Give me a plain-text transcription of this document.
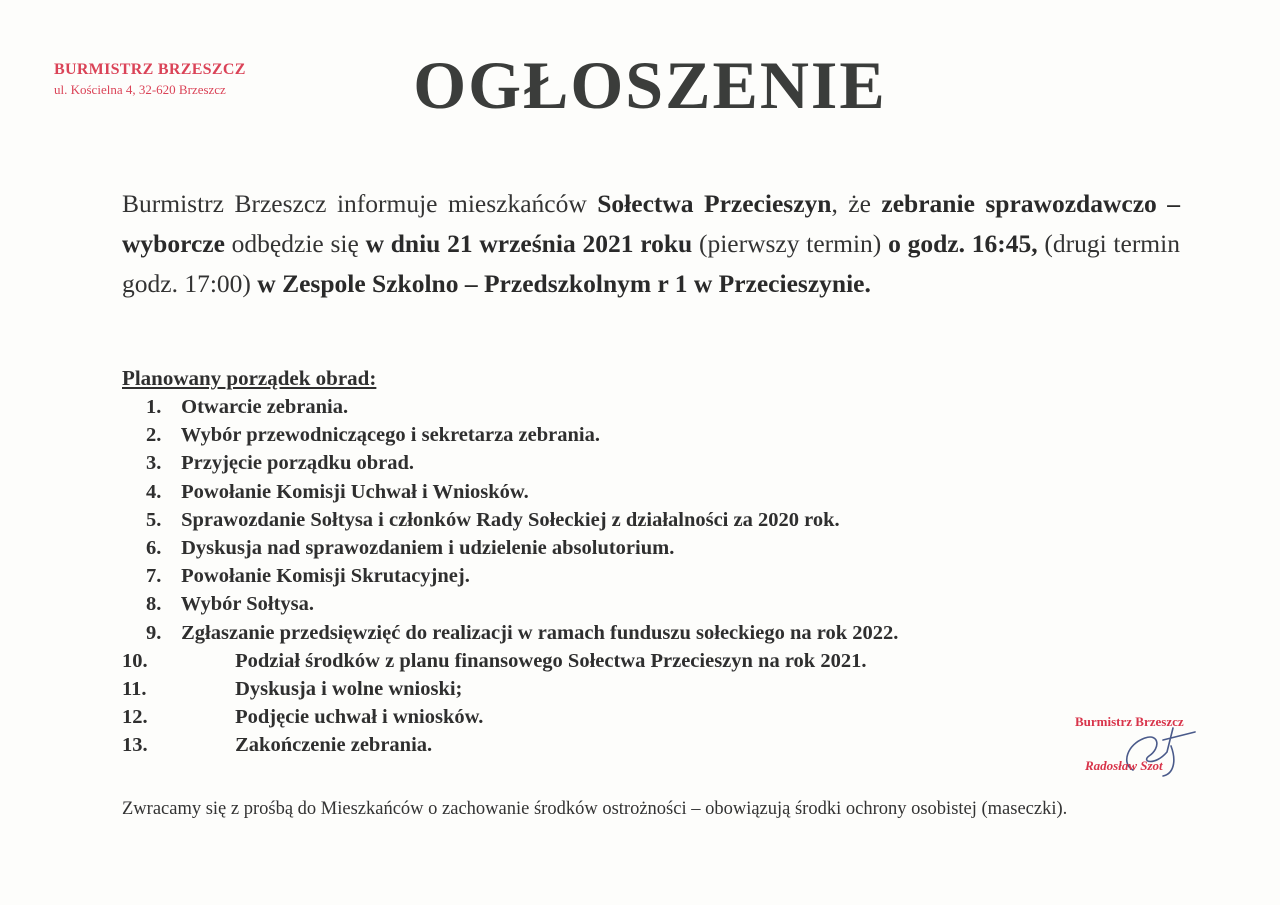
BURMISTRZ BRZESZCZ
ul. Kościelna 4, 32-620 Brzeszcz	OGŁOSZENIE

Burmistrz Brzeszcz informuje mieszkańców Sołectwa Przecieszyn, że zebranie sprawozdawczo – wyborcze odbędzie się w dniu 21 września 2021 roku (pierwszy termin) o godz. 16:45, (drugi termin godz. 17:00) w Zespole Szkolno – Przedszkolnym r 1 w Przecieszynie.

Planowany porządek obrad:

1. Otwarcie zebrania.
2. Wybór przewodniczącego i sekretarza zebrania.
3. Przyjęcie porządku obrad.
4. Powołanie Komisji Uchwał i Wniosków.
5. Sprawozdanie Sołtysa i członków Rady Sołeckiej z działalności za 2020 rok.
6. Dyskusja nad sprawozdaniem i udzielenie absolutorium.
7. Powołanie Komisji Skrutacyjnej.
8. Wybór Sołtysa.
9. Zgłaszanie przedsięwzięć do realizacji w ramach funduszu sołeckiego na rok 2022.
10.	Podział środków z planu finansowego Sołectwa Przecieszyn na rok 2021.
11.	Dyskusja i wolne wnioski;
12.	Podjęcie uchwał i wniosków.
13.	Zakończenie zebrania.
Burmistrz Brzeszcz
Radosław Szot

Zwracamy się z prośbą do Mieszkańców o zachowanie środków ostrożności – obowiązują środki ochrony osobistej (maseczki).
